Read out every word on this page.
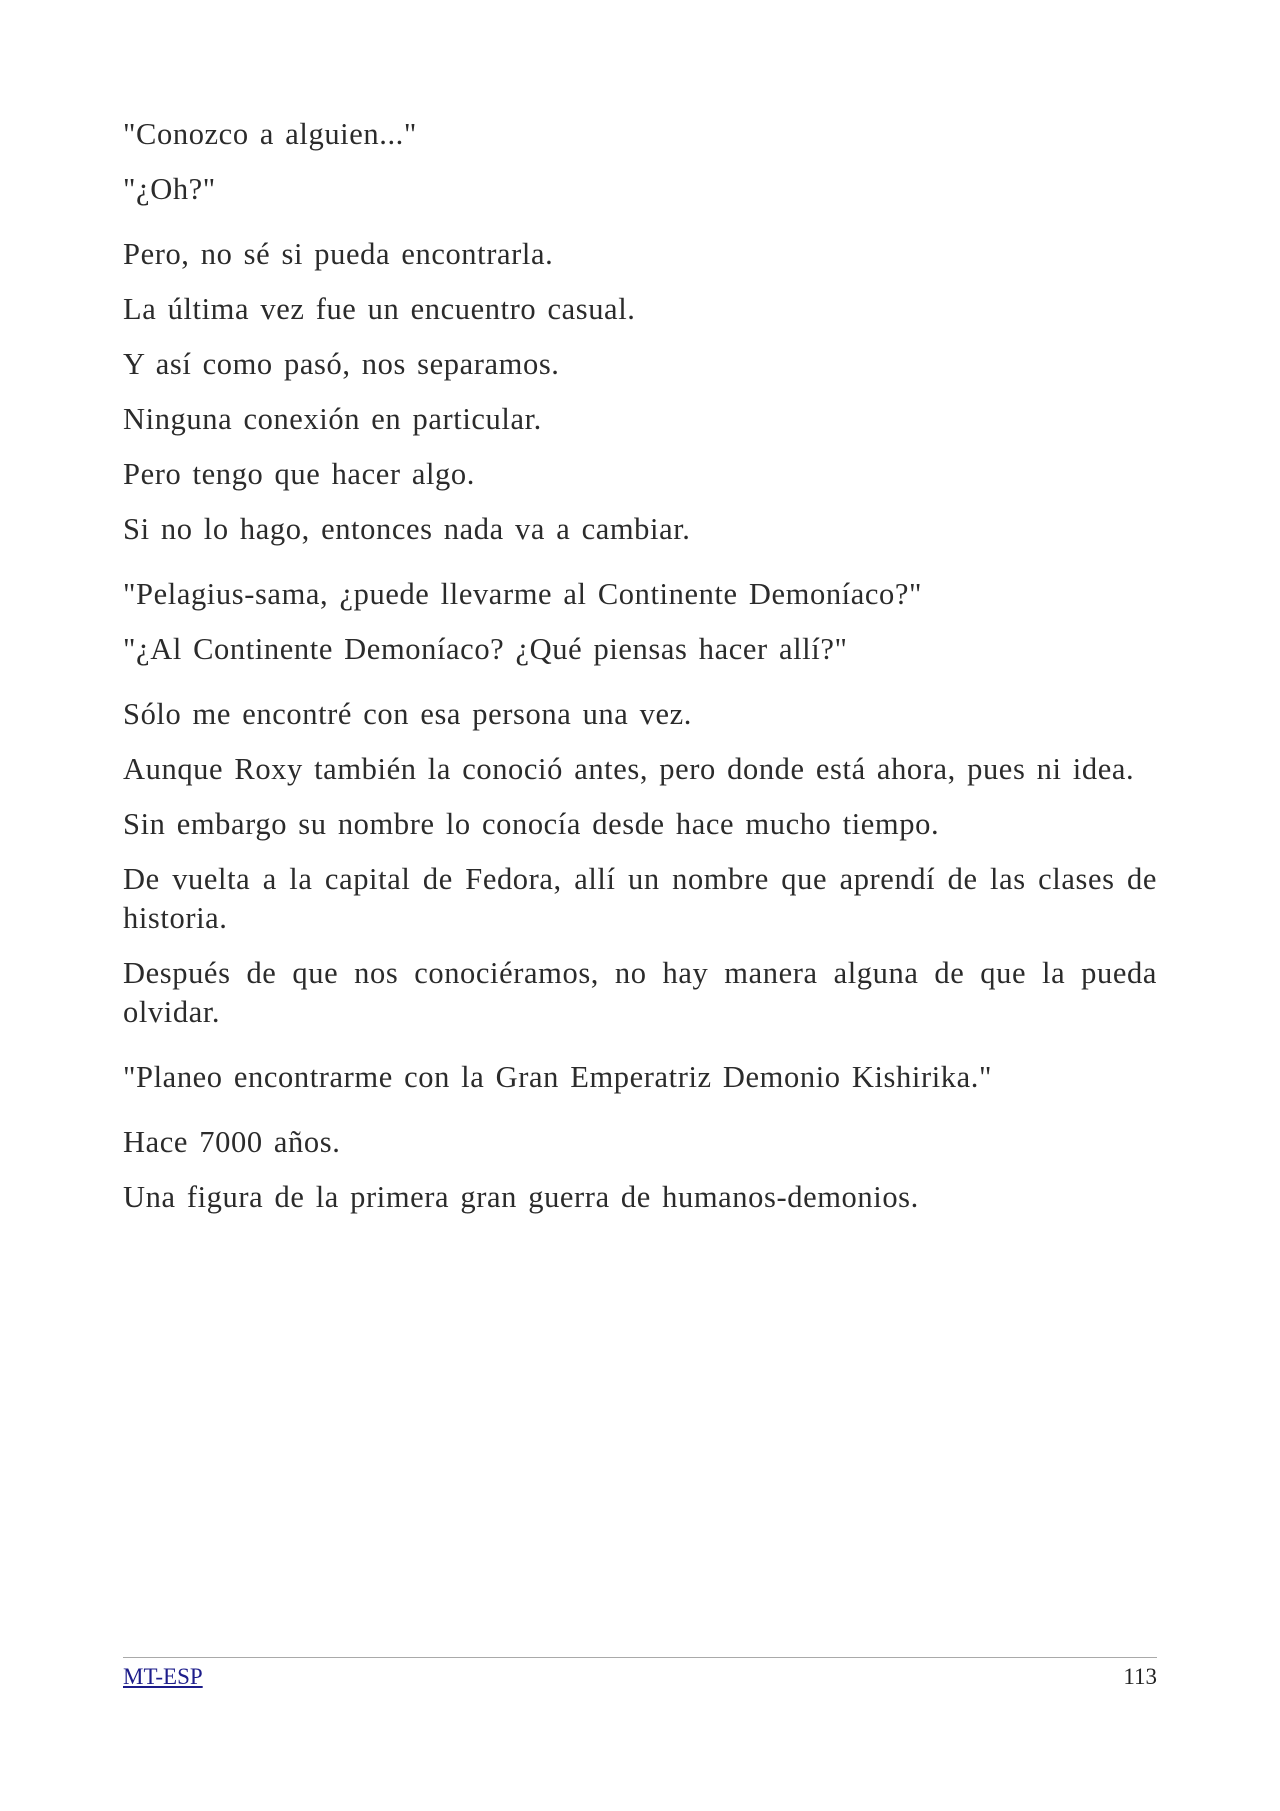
"Conozco a alguien..."

"¿Oh?"

Pero, no sé si pueda encontrarla.

La última vez fue un encuentro casual.

Y así como pasó, nos separamos.

Ninguna conexión en particular.

Pero tengo que hacer algo.

Si no lo hago, entonces nada va a cambiar.

"Pelagius-sama, ¿puede llevarme al Continente Demoníaco?"

"¿Al Continente Demoníaco? ¿Qué piensas hacer allí?"

Sólo me encontré con esa persona una vez.

Aunque Roxy también la conoció antes, pero donde está ahora, pues ni idea.

Sin embargo su nombre lo conocía desde hace mucho tiempo.

De vuelta a la capital de Fedora, allí un nombre que aprendí de las clases de historia.

Después de que nos conociéramos, no hay manera alguna de que la pueda olvidar.

"Planeo encontrarme con la Gran Emperatriz Demonio Kishirika."

Hace 7000 años.

Una figura de la primera gran guerra de humanos-demonios.

MT-ESP	113
